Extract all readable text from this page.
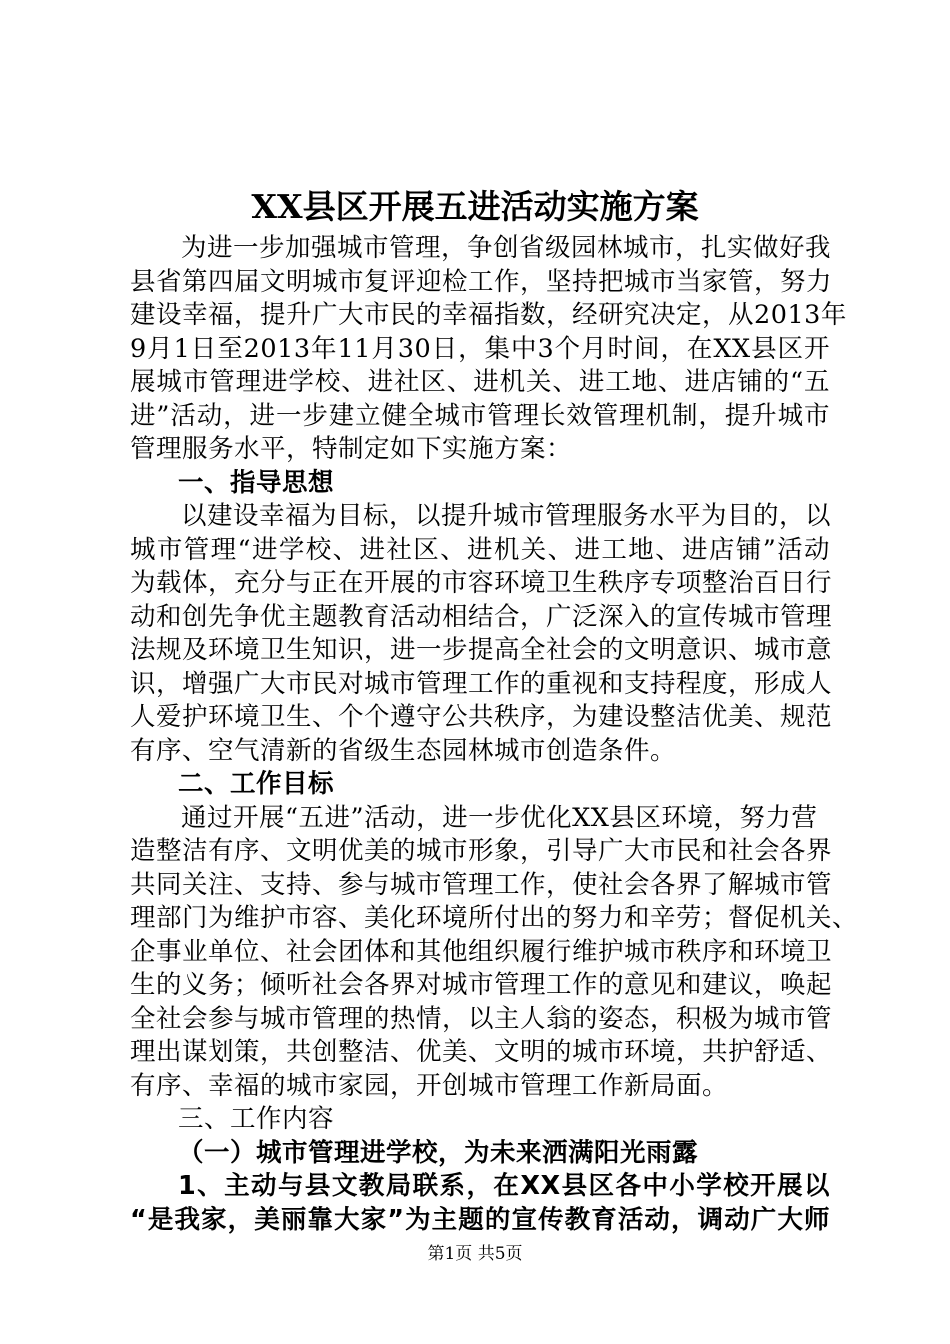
XX县区开展五进活动实施方案
为进一步加强城市管理，争创省级园林城市，扎实做好我
县省第四届文明城市复评迎检工作，坚持把城市当家管，努力
建设幸福，提升广大市民的幸福指数，经研究决定，从2013年
9月1日至2013年11月30日，集中3个月时间，在XX县区开
展城市管理进学校、进社区、进机关、进工地、进店铺的“五
进”活动，进一步建立健全城市管理长效管理机制，提升城市
管理服务水平，特制定如下实施方案：
一、指导思想
以建设幸福为目标，以提升城市管理服务水平为目的，以
城市管理“进学校、进社区、进机关、进工地、进店铺”活动
为载体，充分与正在开展的市容环境卫生秩序专项整治百日行
动和创先争优主题教育活动相结合，广泛深入的宣传城市管理
法规及环境卫生知识，进一步提高全社会的文明意识、城市意
识，增强广大市民对城市管理工作的重视和支持程度，形成人
人爱护环境卫生、个个遵守公共秩序，为建设整洁优美、规范
有序、空气清新的省级生态园林城市创造条件。
二、工作目标
通过开展“五进”活动，进一步优化XX县区环境，努力营
造整洁有序、文明优美的城市形象，引导广大市民和社会各界
共同关注、支持、参与城市管理工作，使社会各界了解城市管
理部门为维护市容、美化环境所付出的努力和辛劳；督促机关、
企事业单位、社会团体和其他组织履行维护城市秩序和环境卫
生的义务；倾听社会各界对城市管理工作的意见和建议，唤起
全社会参与城市管理的热情，以主人翁的姿态，积极为城市管
理出谋划策，共创整洁、优美、文明的城市环境，共护舒适、
有序、幸福的城市家园，开创城市管理工作新局面。
三、工作内容
（一）城市管理进学校，为未来洒满阳光雨露
1、主动与县文教局联系，在XX县区各中小学校开展以
“是我家，美丽靠大家”为主题的宣传教育活动，调动广大师
第1页 共5页
